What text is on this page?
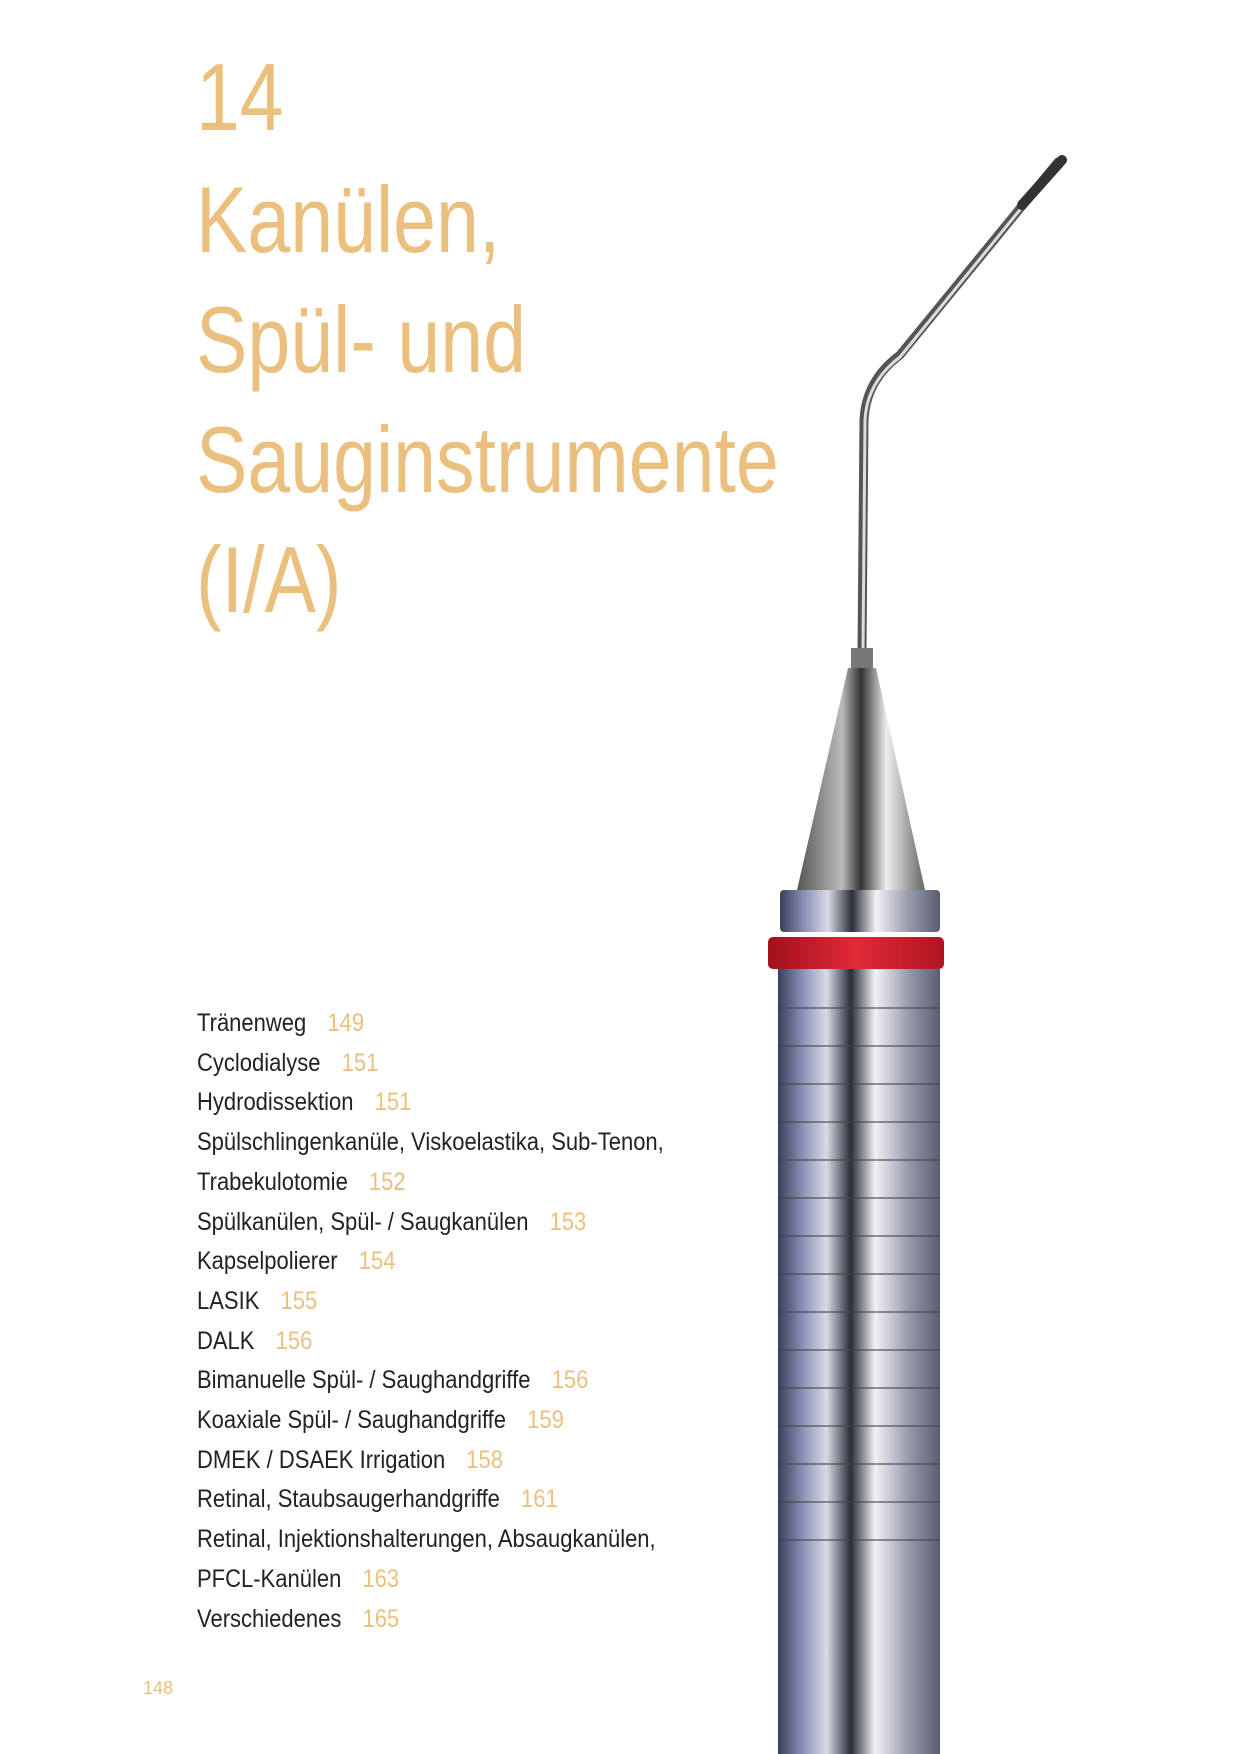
14
Kanülen,
Spül- und
Sauginstrumente
(I/A)
Tränenweg 149
Cyclodialyse 151
Hydrodissektion 151
Spülschlingenkanüle, Viskoelastika, Sub-Tenon,
Trabekulotomie 152
Spülkanülen, Spül- / Saugkanülen 153
Kapselpolierer 154
LASIK 155
DALK 156
Bimanuelle Spül- / Saughandgriffe 156
Koaxiale Spül- / Saughandgriffe 159
DMEK / DSAEK Irrigation 158
Retinal, Staubsaugerhandgriffe 161
Retinal, Injektionshalterungen, Absaugkanülen,
PFCL-Kanülen 163
Verschiedenes 165
148
